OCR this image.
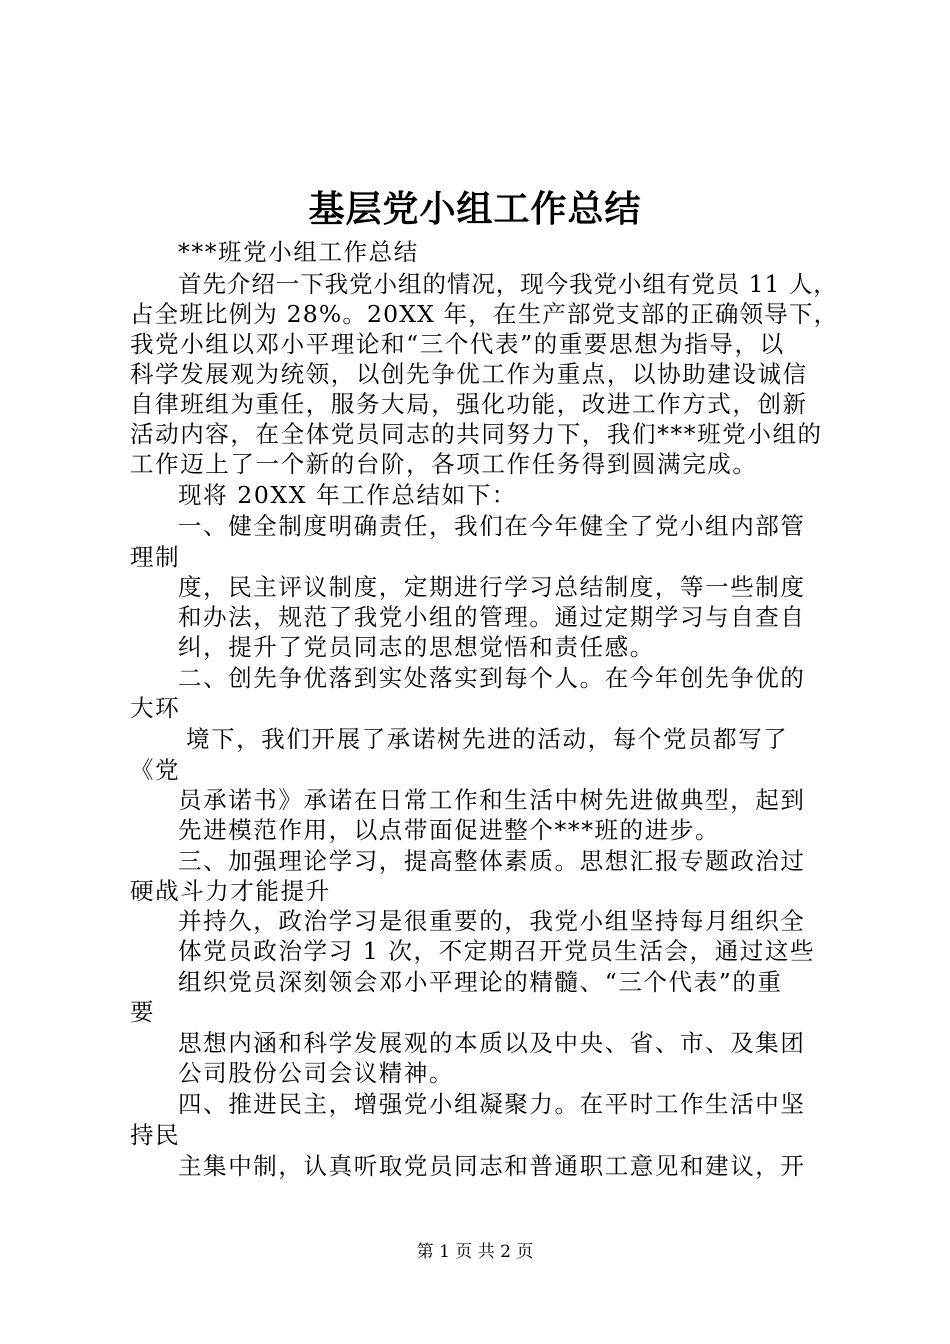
基层党小组工作总结
***班党小组工作总结
首先介绍一下我党小组的情况，现今我党小组有党员 11 人，
占全班比例为 28%。20XX 年，在生产部党支部的正确领导下，
我党小组以邓小平理论和“三个代表”的重要思想为指导，以
科学发展观为统领，以创先争优工作为重点，以协助建设诚信
自律班组为重任，服务大局，强化功能，改进工作方式，创新
活动内容，在全体党员同志的共同努力下，我们***班党小组的
工作迈上了一个新的台阶，各项工作任务得到圆满完成。
现将 20XX 年工作总结如下：
一、健全制度明确责任，我们在今年健全了党小组内部管
理制
度，民主评议制度，定期进行学习总结制度，等一些制度
和办法，规范了我党小组的管理。通过定期学习与自查自
纠，提升了党员同志的思想觉悟和责任感。
二、创先争优落到实处落实到每个人。在今年创先争优的
大环
境下，我们开展了承诺树先进的活动，每个党员都写了
《党
员承诺书》承诺在日常工作和生活中树先进做典型，起到
先进模范作用，以点带面促进整个***班的进步。
三、加强理论学习，提高整体素质。思想汇报专题政治过
硬战斗力才能提升
并持久，政治学习是很重要的，我党小组坚持每月组织全
体党员政治学习 1 次，不定期召开党员生活会，通过这些
组织党员深刻领会邓小平理论的精髓、“三个代表”的重
要
思想内涵和科学发展观的本质以及中央、省、市、及集团
公司股份公司会议精神。
四、推进民主，增强党小组凝聚力。在平时工作生活中坚
持民
主集中制，认真听取党员同志和普通职工意见和建议，开
第 1 页 共 2 页
